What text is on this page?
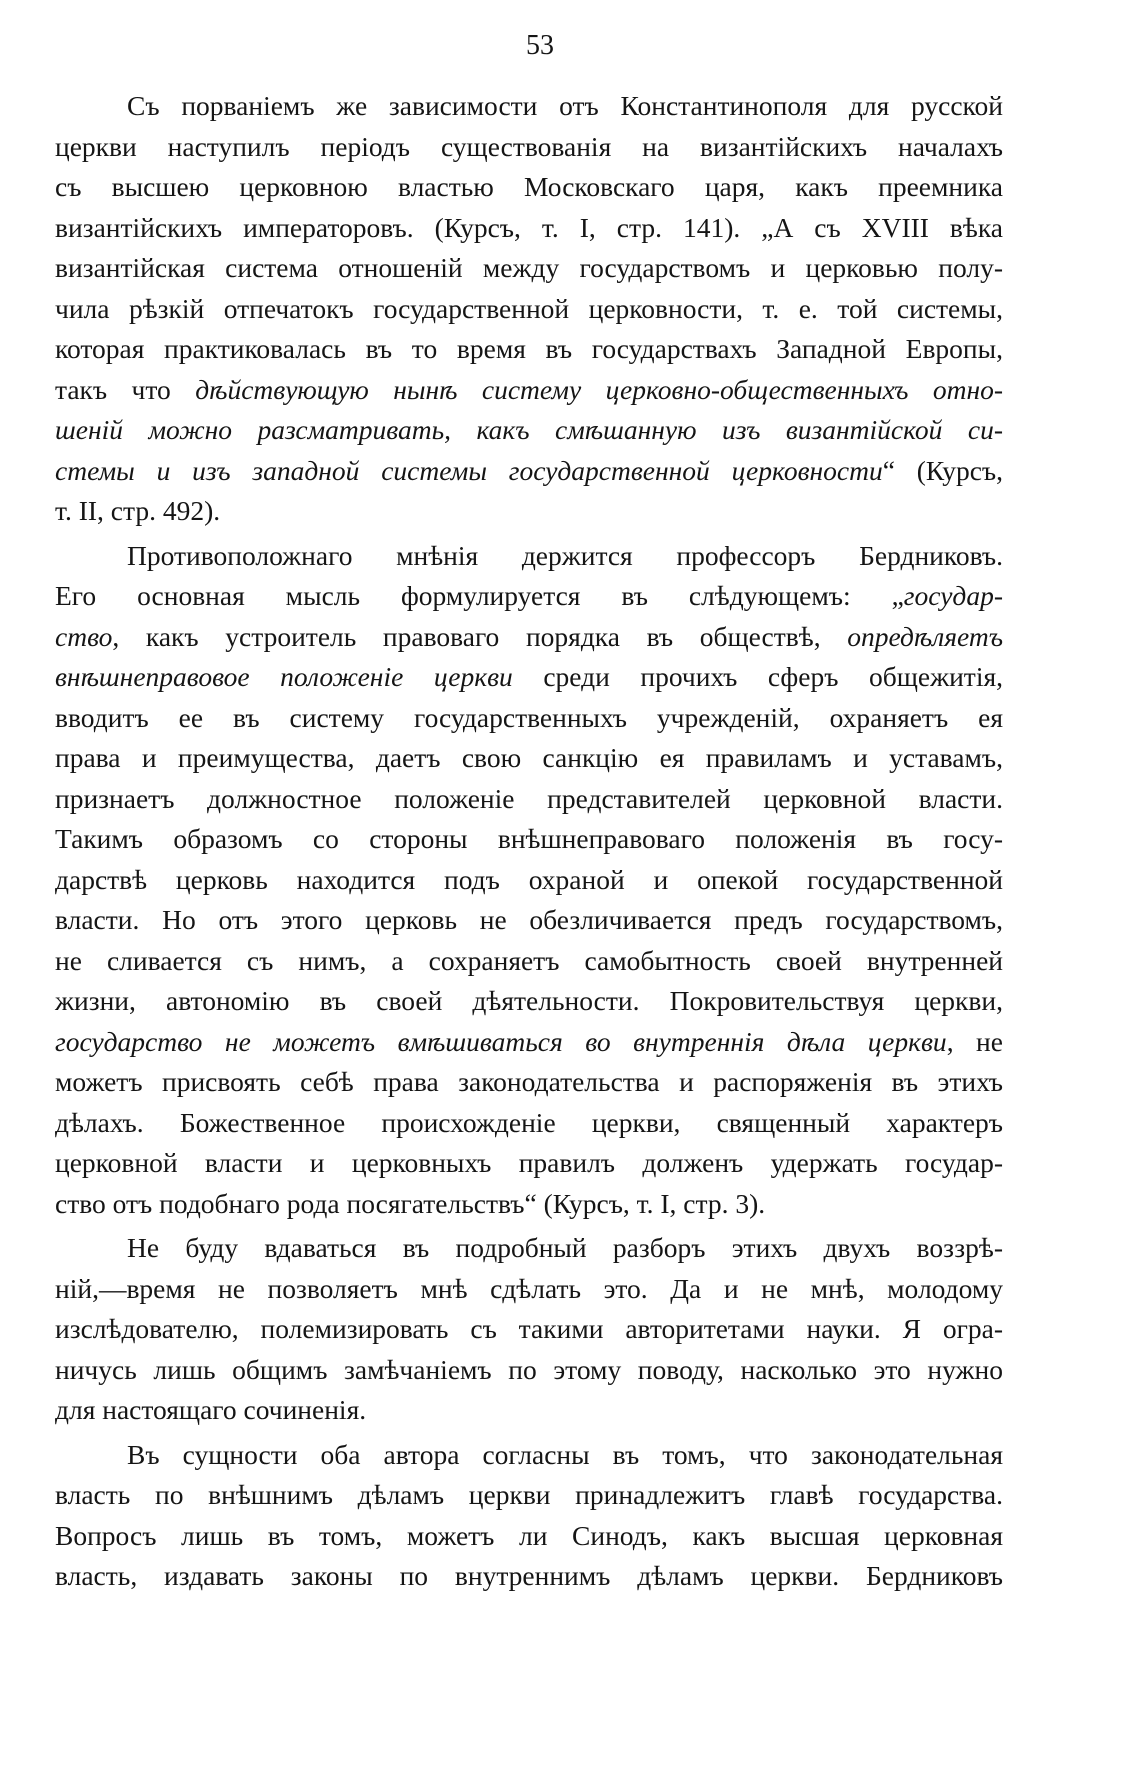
53

Съ порваніемъ же зависимости отъ Константинополя для русской
церкви наступилъ періодъ существованія на византійскихъ началахъ
съ высшею церковною властью Московскаго царя, какъ преемника
византійскихъ императоровъ. (Курсъ, т. I, стр. 141). „А съ XVIII вѣка
византійская система отношеній между государствомъ и церковью полу-
чила рѣзкій отпечатокъ государственной церковности, т. е. той системы,
которая практиковалась въ то время въ государствахъ Западной Европы,
такъ что дѣйствующую нынѣ систему церковно-общественныхъ отно-
шеній можно разсматривать, какъ смѣшанную изъ византійской си-
стемы и изъ западной системы государственной церковности“ (Курсъ,
т. II, стр. 492).

Противоположнаго мнѣнія держится профессоръ Бердниковъ.
Его основная мысль формулируется въ слѣдующемъ: „государ-
ство, какъ устроитель правоваго порядка въ обществѣ, опредѣляетъ
внѣшнеправовое положеніе церкви среди прочихъ сферъ общежитія,
вводитъ ее въ систему государственныхъ учрежденій, охраняетъ ея
права и преимущества, даетъ свою санкцію ея правиламъ и уставамъ,
признаетъ должностное положеніе представителей церковной власти.
Такимъ образомъ со стороны внѣшнеправоваго положенія въ госу-
дарствѣ церковь находится подъ охраной и опекой государственной
власти. Но отъ этого церковь не обезличивается предъ государствомъ,
не сливается съ нимъ, а сохраняетъ самобытность своей внутренней
жизни, автономію въ своей дѣятельности. Покровительствуя церкви,
государство не можетъ вмѣшиваться во внутреннія дѣла церкви, не
можетъ присвоять себѣ права законодательства и распоряженія въ этихъ
дѣлахъ. Божественное происхожденіе церкви, священный характеръ
церковной власти и церковныхъ правилъ долженъ удержать государ-
ство отъ подобнаго рода посягательствъ“ (Курсъ, т. I, стр. 3).

Не буду вдаваться въ подробный разборъ этихъ двухъ воззрѣ-
ній,—время не позволяетъ мнѣ сдѣлать это. Да и не мнѣ, молодому
изслѣдователю, полемизировать съ такими авторитетами науки. Я огра-
ничусь лишь общимъ замѣчаніемъ по этому поводу, насколько это нужно
для настоящаго сочиненія.

Въ сущности оба автора согласны въ томъ, что законодательная
власть по внѣшнимъ дѣламъ церкви принадлежитъ главѣ государства.
Вопросъ лишь въ томъ, можетъ ли Синодъ, какъ высшая церковная
власть, издавать законы по внутреннимъ дѣламъ церкви. Бердниковъ
